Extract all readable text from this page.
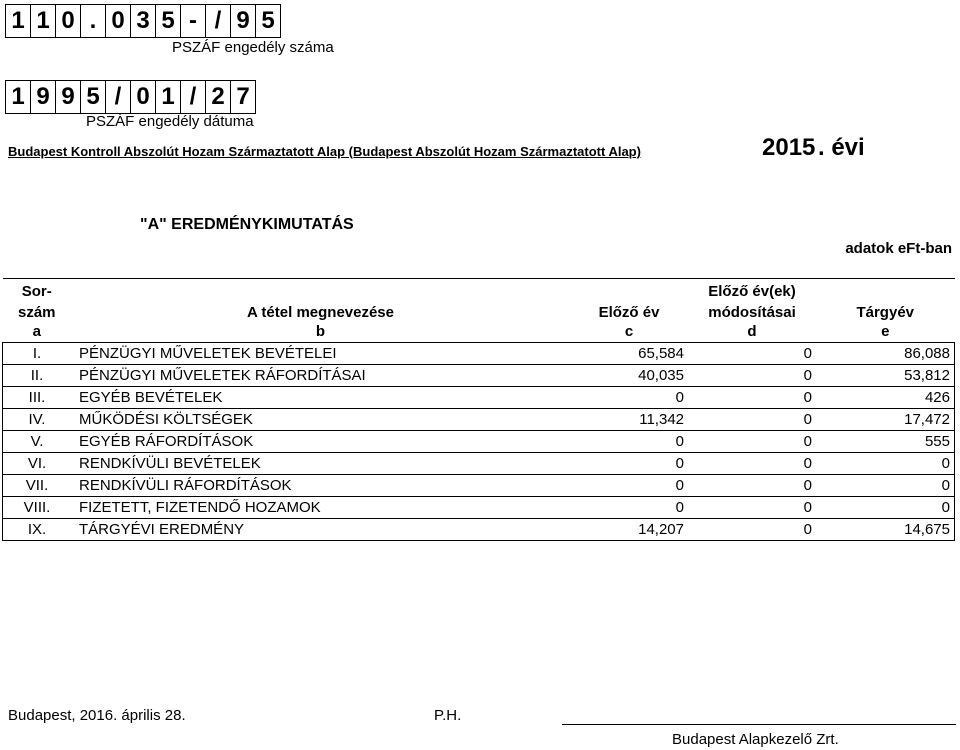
1 1 0 . 0 3 5 - / 9 5
PSZÁF engedély száma
1 9 9 5 / 0 1 / 2 7
PSZÁF engedély dátuma
Budapest Kontroll Abszolút Hozam Származtatott Alap (Budapest Abszolút Hozam Származtatott Alap)	2015 . évi
"A" EREDMÉNYKIMUTATÁS
adatok eFt-ban
Sor-			Előző év(ek)	
szám	A tétel megnevezése	Előző év	módosításai	Tárgyév
a	b	c	d	e
I.	PÉNZÜGYI MŰVELETEK BEVÉTELEI	65,584	0	86,088
II.	PÉNZÜGYI MŰVELETEK RÁFORDÍTÁSAI	40,035	0	53,812
III.	EGYÉB BEVÉTELEK	0	0	426
IV.	MŰKÖDÉSI KÖLTSÉGEK	11,342	0	17,472
V.	EGYÉB RÁFORDÍTÁSOK	0	0	555
VI.	RENDKÍVÜLI BEVÉTELEK	0	0	0
VII.	RENDKÍVÜLI RÁFORDÍTÁSOK	0	0	0
VIII.	FIZETETT, FIZETENDŐ HOZAMOK	0	0	0
IX.	TÁRGYÉVI EREDMÉNY	14,207	0	14,675
Budapest, 2016. április 28.	P.H.
Budapest Alapkezelő Zrt.
